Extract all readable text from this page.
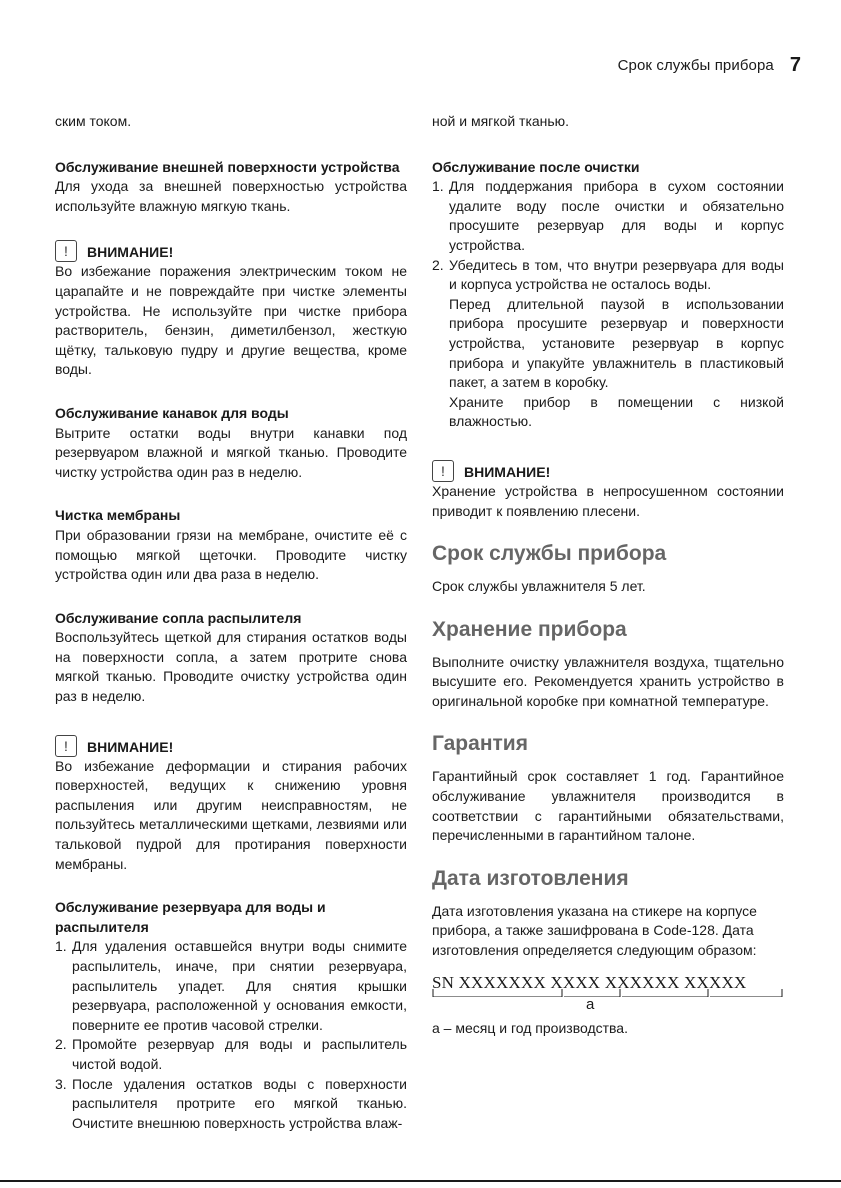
Срок службы прибора 7

ским током.

Обслуживание внешней поверхности устройства

Для ухода за внешней поверхностью устройства используйте влажную мягкую ткань.

!	ВНИМАНИЕ!

Во избежание поражения электрическим током не царапайте и не повреждайте при чистке элементы устройства. Не используйте при чистке прибора растворитель, бензин, диметилбензол, жесткую щётку, тальковую пудру и другие вещества, кроме воды.

Обслуживание канавок для воды

Вытрите остатки воды внутри канавки под резервуаром влажной и мягкой тканью. Проводите чистку устройства один раз в неделю.

Чистка мембраны

При образовании грязи на мембране, очистите её с помощью мягкой щеточки. Проводите чистку устройства один или два раза в неделю.

Обслуживание сопла распылителя

Воспользуйтесь щеткой для стирания остатков воды на поверхности сопла, а затем протрите снова мягкой тканью. Проводите очистку устройства один раз в неделю.

!	ВНИМАНИЕ!

Во избежание деформации и стирания рабочих поверхностей, ведущих к снижению уровня распыления или другим неисправностям, не пользуйтесь металлическими щетками, лезвиями или тальковой пудрой для протирания поверхности мембраны.

Обслуживание резервуара для воды и распылителя

1. Для удаления оставшейся внутри воды снимите распылитель, иначе, при снятии резервуара, распылитель упадет. Для снятия крышки резервуара, расположенной у основания емкости, поверните ее против часовой стрелки.
2. Промойте резервуар для воды и распылитель чистой водой.
3. После удаления остатков воды с поверхности распылителя протрите его мягкой тканью. Очистите внешнюю поверхность устройства влаж-

ной и мягкой тканью.

Обслуживание после очистки

1. Для поддержания прибора в сухом состоянии удалите воду после очистки и обязательно просушите резервуар для воды и корпус устройства.
2. Убедитесь в том, что внутри резервуара для воды и корпуса устройства не осталось воды.

Перед длительной паузой в использовании прибора просушите резервуар и поверхности устройства, установите резервуар в корпус прибора и упакуйте увлажнитель в пластиковый пакет, а затем в коробку.

Храните прибор в помещении с низкой влажностью.

!	ВНИМАНИЕ!

Хранение устройства в непросушенном состоянии приводит к появлению плесени.

Срок службы прибора

Срок службы увлажнителя 5 лет.

Хранение прибора

Выполните очистку увлажнителя воздуха, тщательно высушите его. Рекомендуется хранить устройство в оригинальной коробке при комнатной температуре.

Гарантия

Гарантийный срок составляет 1 год. Гарантийное обслуживание увлажнителя производится в соответствии с гарантийными обязательствами, перечисленными в гарантийном талоне.

Дата изготовления

Дата изготовления указана на стикере на корпусе прибора, а также зашифрована в Code-128. Дата изготовления определяется следующим образом:

SN XXXXXXX XXXX XXXXXX XXXXX
a

a – месяц и год производства.
